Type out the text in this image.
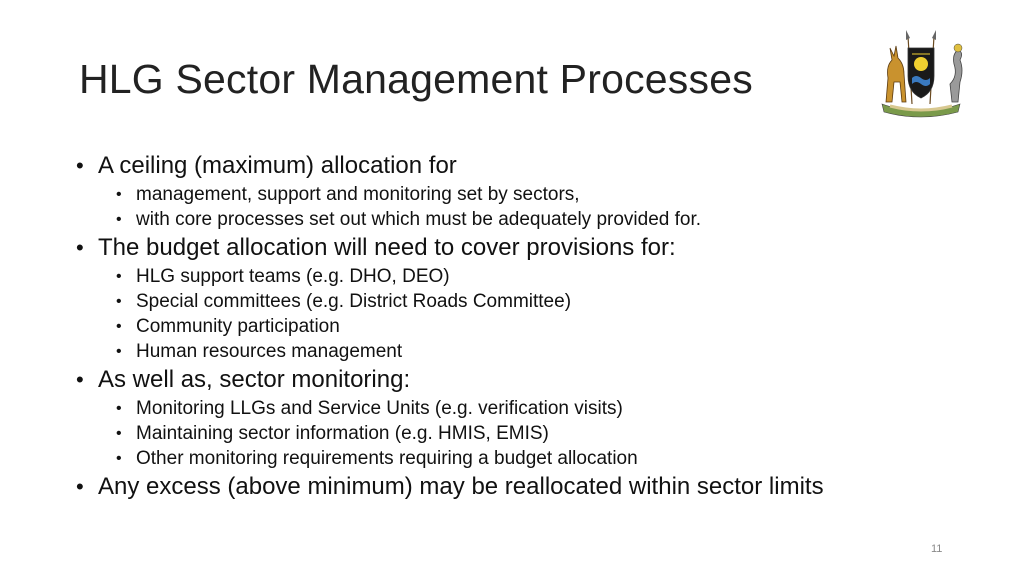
HLG Sector Management Processes
• A ceiling (maximum) allocation for
• management, support and monitoring set by sectors,
• with core processes set out which must be adequately provided for.
• The budget allocation will need to cover provisions for:
• HLG support teams (e.g. DHO, DEO)
• Special committees (e.g. District Roads Committee)
• Community participation
• Human resources management
• As well as, sector monitoring:
• Monitoring LLGs and Service Units (e.g. verification visits)
• Maintaining sector information (e.g. HMIS, EMIS)
• Other monitoring requirements requiring a budget allocation
• Any excess (above minimum) may be reallocated within sector limits
11
